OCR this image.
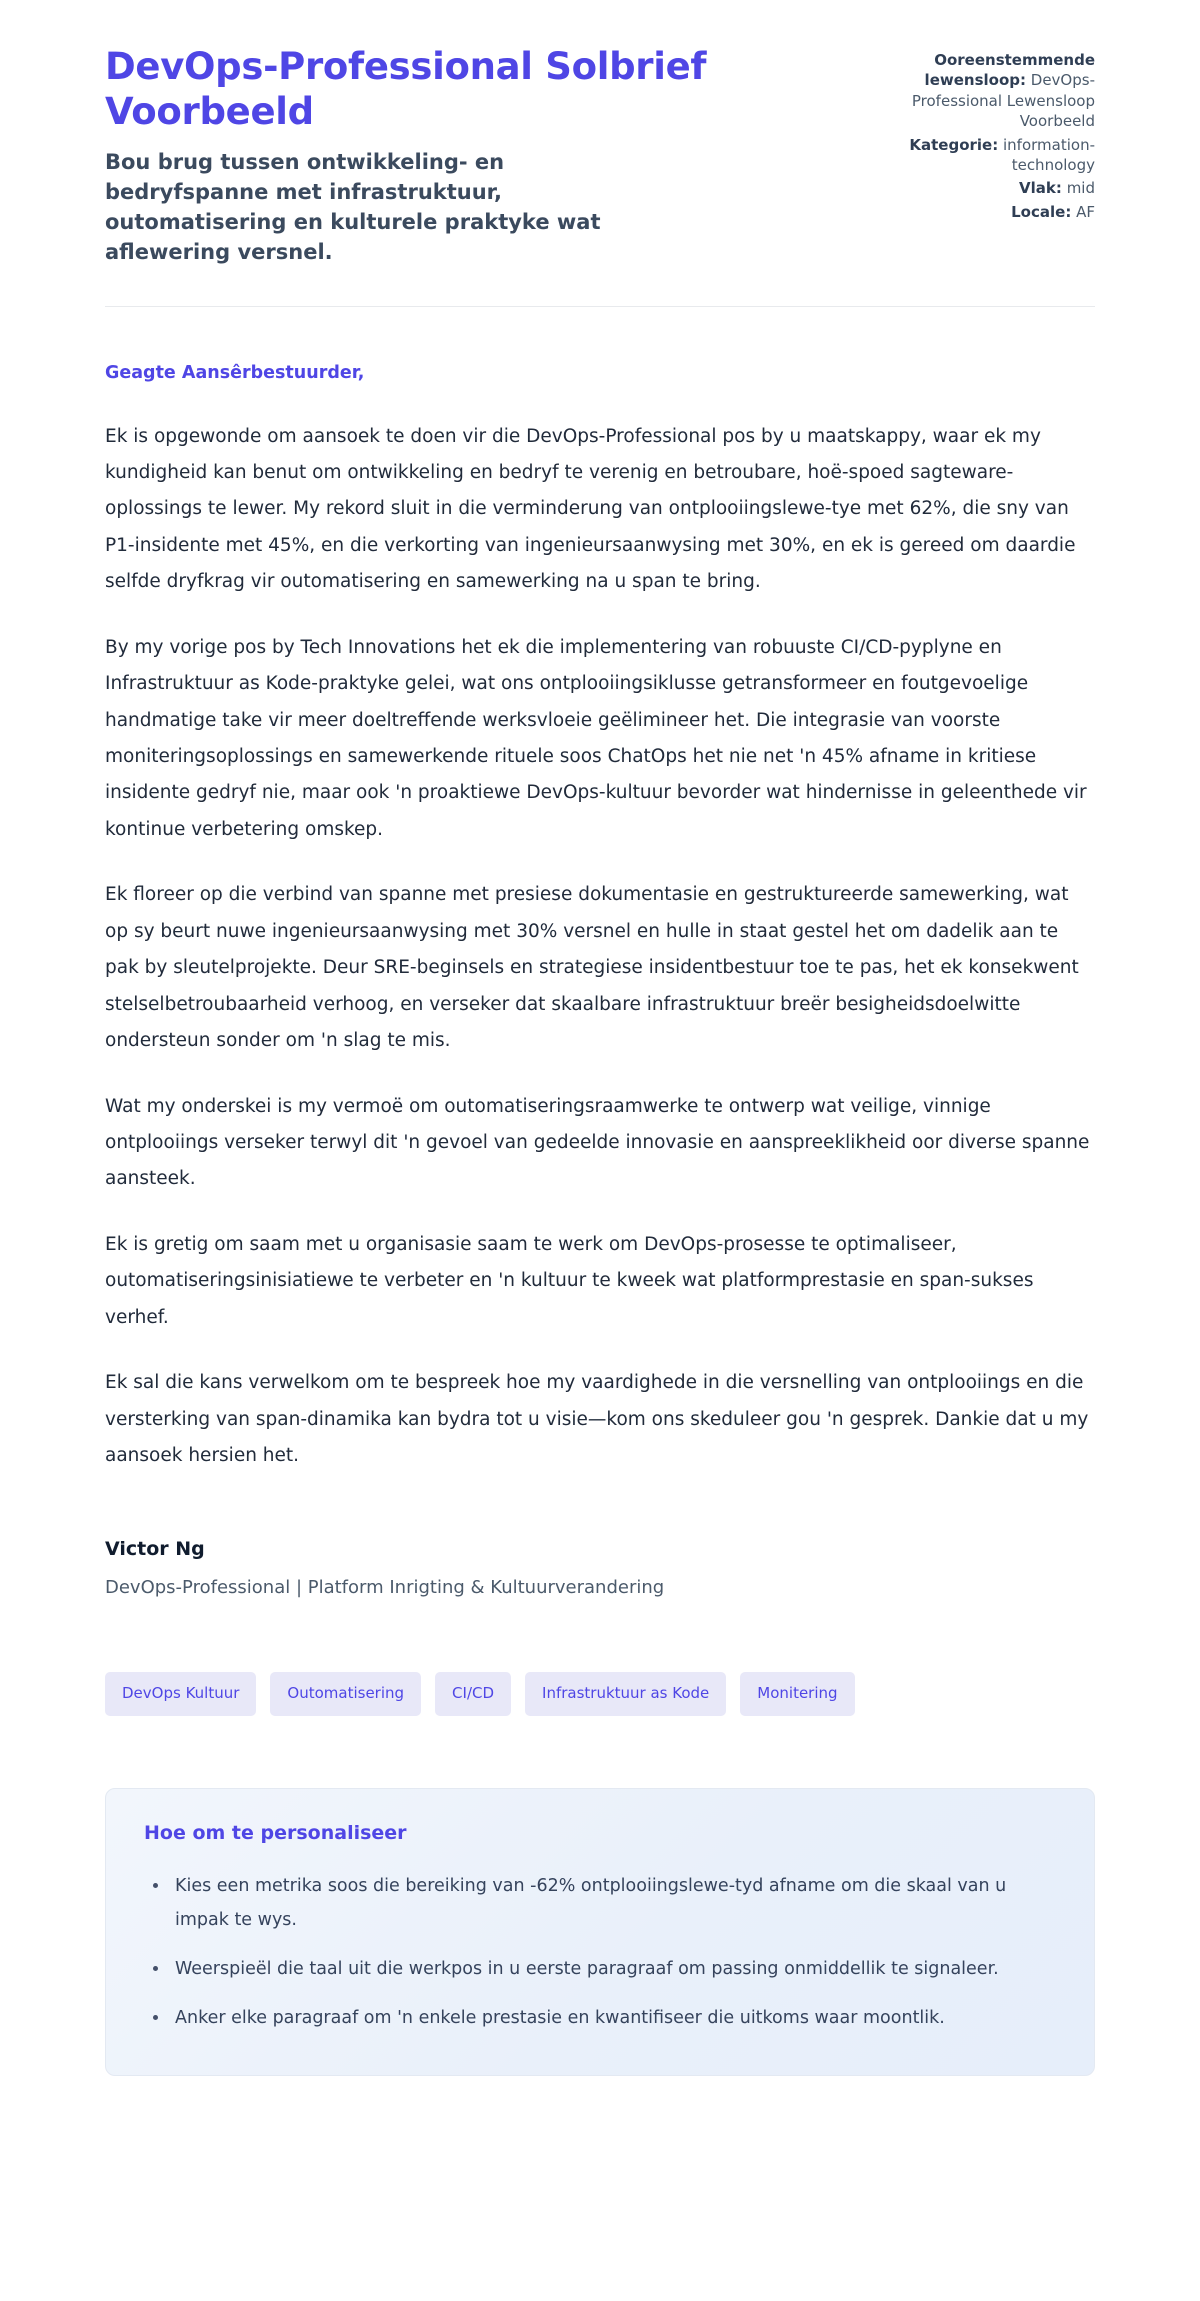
DevOps-Professional Solbrief Voorbeeld

Bou brug tussen ontwikkeling- en bedryfspanne met infrastruktuur, outomatisering en kulturele praktyke wat aflewering versnel.

Ooreenstemmende lewensloop: DevOps-Professional Lewensloop Voorbeeld
Kategorie: information-technology
Vlak: mid
Locale: AF

Geagte Aansêrbestuurder,

Ek is opgewonde om aansoek te doen vir die DevOps-Professional pos by u maatskappy, waar ek my kundigheid kan benut om ontwikkeling en bedryf te verenig en betroubare, hoë-spoed sagteware-oplossings te lewer. My rekord sluit in die verminderung van ontplooiingslewe-tye met 62%, die sny van P1-insidente met 45%, en die verkorting van ingenieursaanwysing met 30%, en ek is gereed om daardie selfde dryfkrag vir outomatisering en samewerking na u span te bring.

By my vorige pos by Tech Innovations het ek die implementering van robuuste CI/CD-pyplyne en Infrastruktuur as Kode-praktyke gelei, wat ons ontplooiingsiklusse getransformeer en foutgevoelige handmatige take vir meer doeltreffende werksvloeie geëlimineer het. Die integrasie van voorste moniteringsoplossings en samewerkende rituele soos ChatOps het nie net 'n 45% afname in kritiese insidente gedryf nie, maar ook 'n proaktiewe DevOps-kultuur bevorder wat hindernisse in geleenthede vir kontinue verbetering omskep.

Ek floreer op die verbind van spanne met presiese dokumentasie en gestruktureerde samewerking, wat op sy beurt nuwe ingenieursaanwysing met 30% versnel en hulle in staat gestel het om dadelik aan te pak by sleutelprojekte. Deur SRE-beginsels en strategiese insidentbestuur toe te pas, het ek konsekwent stelselbetroubaarheid verhoog, en verseker dat skaalbare infrastruktuur breër besigheidsdoelwitte ondersteun sonder om 'n slag te mis.

Wat my onderskei is my vermoë om outomatiseringsraamwerke te ontwerp wat veilige, vinnige ontplooiings verseker terwyl dit 'n gevoel van gedeelde innovasie en aanspreeklikheid oor diverse spanne aansteek.

Ek is gretig om saam met u organisasie saam te werk om DevOps-prosesse te optimaliseer, outomatiseringsinisiatiewe te verbeter en 'n kultuur te kweek wat platformprestasie en span-sukses verhef.

Ek sal die kans verwelkom om te bespreek hoe my vaardighede in die versnelling van ontplooiings en die versterking van span-dinamika kan bydra tot u visie—kom ons skeduleer gou 'n gesprek. Dankie dat u my aansoek hersien het.

Victor Ng
DevOps-Professional | Platform Inrigting & Kultuurverandering
DevOps Kultuur	Outomatisering	CI/CD	Infrastruktuur as Kode	Monitering
Hoe om te personaliseer
• Kies een metrika soos die bereiking van -62% ontplooiingslewe-tyd afname om die skaal van u impak te wys.
• Weerspieël die taal uit die werkpos in u eerste paragraaf om passing onmiddellik te signaleer.
• Anker elke paragraaf om 'n enkele prestasie en kwantifiseer die uitkoms waar moontlik.
